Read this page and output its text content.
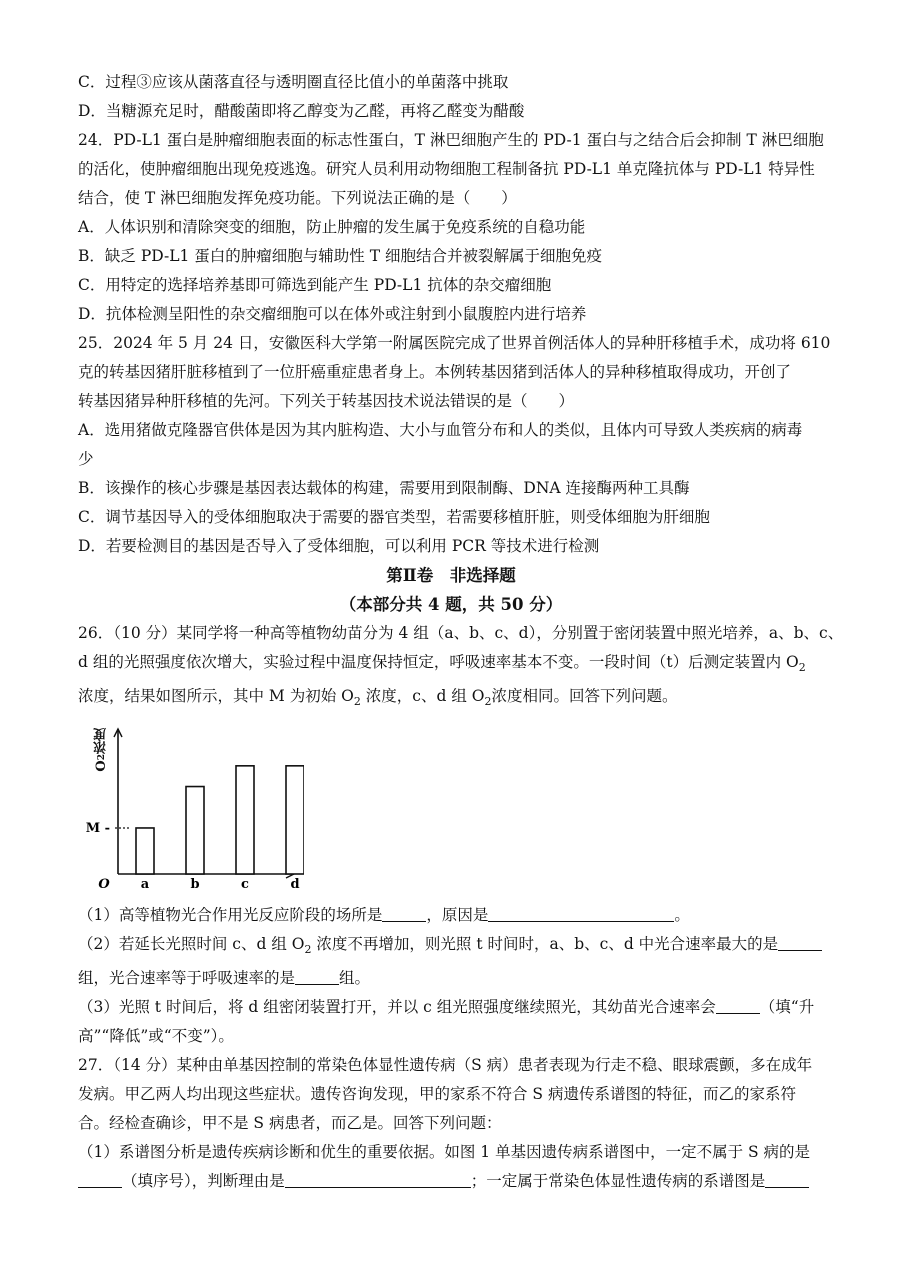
C．过程③应该从菌落直径与透明圈直径比值小的单菌落中挑取
D．当糖源充足时，醋酸菌即将乙醇变为乙醛，再将乙醛变为醋酸
24．PD-L1 蛋白是肿瘤细胞表面的标志性蛋白，T 淋巴细胞产生的 PD-1 蛋白与之结合后会抑制 T 淋巴细胞
的活化，使肿瘤细胞出现免疫逃逸。研究人员利用动物细胞工程制备抗 PD-L1 单克隆抗体与 PD-L1 特异性
结合，使 T 淋巴细胞发挥免疫功能。下列说法正确的是（　　）
A．人体识别和清除突变的细胞，防止肿瘤的发生属于免疫系统的自稳功能
B．缺乏 PD-L1 蛋白的肿瘤细胞与辅助性 T 细胞结合并被裂解属于细胞免疫
C．用特定的选择培养基即可筛选到能产生 PD-L1 抗体的杂交瘤细胞
D．抗体检测呈阳性的杂交瘤细胞可以在体外或注射到小鼠腹腔内进行培养
25．2024 年 5 月 24 日，安徽医科大学第一附属医院完成了世界首例活体人的异种肝移植手术，成功将 610
克的转基因猪肝脏移植到了一位肝癌重症患者身上。本例转基因猪到活体人的异种移植取得成功，开创了
转基因猪异种肝移植的先河。下列关于转基因技术说法错误的是（　　）
A．选用猪做克隆器官供体是因为其内脏构造、大小与血管分布和人的类似，且体内可导致人类疾病的病毒
少
B．该操作的核心步骤是基因表达载体的构建，需要用到限制酶、DNA 连接酶两种工具酶
C．调节基因导入的受体细胞取决于需要的器官类型，若需要移植肝脏，则受体细胞为肝细胞
D．若要检测目的基因是否导入了受体细胞，可以利用 PCR 等技术进行检测
第Ⅱ卷　非选择题
（本部分共 4 题，共 50 分）
26．（10 分）某同学将一种高等植物幼苗分为 4 组（a、b、c、d），分别置于密闭装置中照光培养，a、b、c、
d 组的光照强度依次增大，实验过程中温度保持恒定，呼吸速率基本不变。一段时间（t）后测定装置内 $O_2$
浓度，结果如图所示，其中 M 为初始 $O_2$ 浓度，c、d 组 $O_2$浓度相同。回答下列问题。
M -
O a	b	c	d
O2浓度
（1）高等植物光合作用光反应阶段的场所是	，原因是	。
（2）若延长光照时间 c、d 组 $O_2$ 浓度不再增加，则光照 t 时间时，a、b、c、d 中光合速率最大的是
组，光合速率等于呼吸速率的是	组。
（3）光照 t 时间后，将 d 组密闭装置打开，并以 c 组光照强度继续照光，其幼苗光合速率会	（填“升
高”“降低”或“不变”）。
27．（14 分）某种由单基因控制的常染色体显性遗传病（S 病）患者表现为行走不稳、眼球震颤，多在成年
发病。甲乙两人均出现这些症状。遗传咨询发现，甲的家系不符合 S 病遗传系谱图的特征，而乙的家系符
合。经检查确诊，甲不是 S 病患者，而乙是。回答下列问题：
（1）系谱图分析是遗传疾病诊断和优生的重要依据。如图 1 单基因遗传病系谱图中，一定不属于 S 病的是
（填序号），判断理由是	；一定属于常染色体显性遗传病的系谱图是
